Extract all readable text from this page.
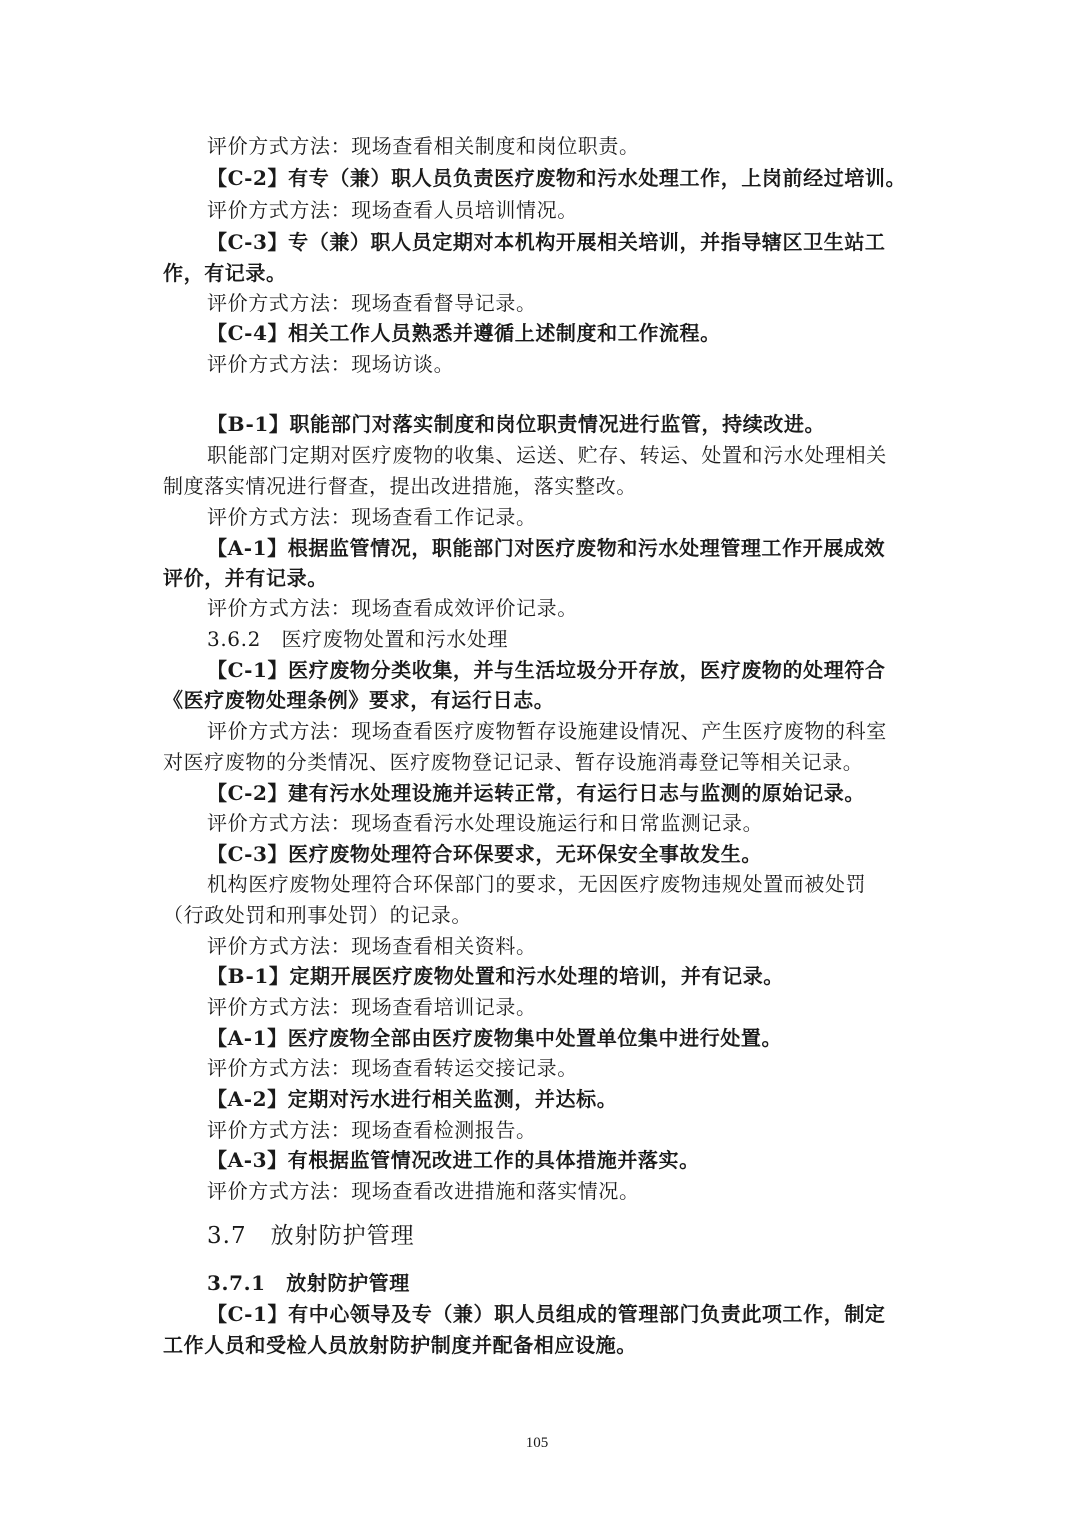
评价方式方法：现场查看相关制度和岗位职责。
【C-2】有专（兼）职人员负责医疗废物和污水处理工作，上岗前经过培训。
评价方式方法：现场查看人员培训情况。
【C-3】专（兼）职人员定期对本机构开展相关培训，并指导辖区卫生站工
作，有记录。
评价方式方法：现场查看督导记录。
【C-4】相关工作人员熟悉并遵循上述制度和工作流程。
评价方式方法：现场访谈。
【B-1】职能部门对落实制度和岗位职责情况进行监管，持续改进。
职能部门定期对医疗废物的收集、运送、贮存、转运、处置和污水处理相关
制度落实情况进行督查，提出改进措施，落实整改。
评价方式方法：现场查看工作记录。
【A-1】根据监管情况，职能部门对医疗废物和污水处理管理工作开展成效
评价，并有记录。
评价方式方法：现场查看成效评价记录。
3.6.2　医疗废物处置和污水处理
【C-1】医疗废物分类收集，并与生活垃圾分开存放，医疗废物的处理符合
《医疗废物处理条例》要求，有运行日志。
评价方式方法：现场查看医疗废物暂存设施建设情况、产生医疗废物的科室
对医疗废物的分类情况、医疗废物登记记录、暂存设施消毒登记等相关记录。
【C-2】建有污水处理设施并运转正常，有运行日志与监测的原始记录。
评价方式方法：现场查看污水处理设施运行和日常监测记录。
【C-3】医疗废物处理符合环保要求，无环保安全事故发生。
机构医疗废物处理符合环保部门的要求，无因医疗废物违规处置而被处罚
（行政处罚和刑事处罚）的记录。
评价方式方法：现场查看相关资料。
【B-1】定期开展医疗废物处置和污水处理的培训，并有记录。
评价方式方法：现场查看培训记录。
【A-1】医疗废物全部由医疗废物集中处置单位集中进行处置。
评价方式方法：现场查看转运交接记录。
【A-2】定期对污水进行相关监测，并达标。
评价方式方法：现场查看检测报告。
【A-3】有根据监管情况改进工作的具体措施并落实。
评价方式方法：现场查看改进措施和落实情况。
3.7　放射防护管理
3.7.1　放射防护管理
【C-1】有中心领导及专（兼）职人员组成的管理部门负责此项工作，制定
工作人员和受检人员放射防护制度并配备相应设施。
105
